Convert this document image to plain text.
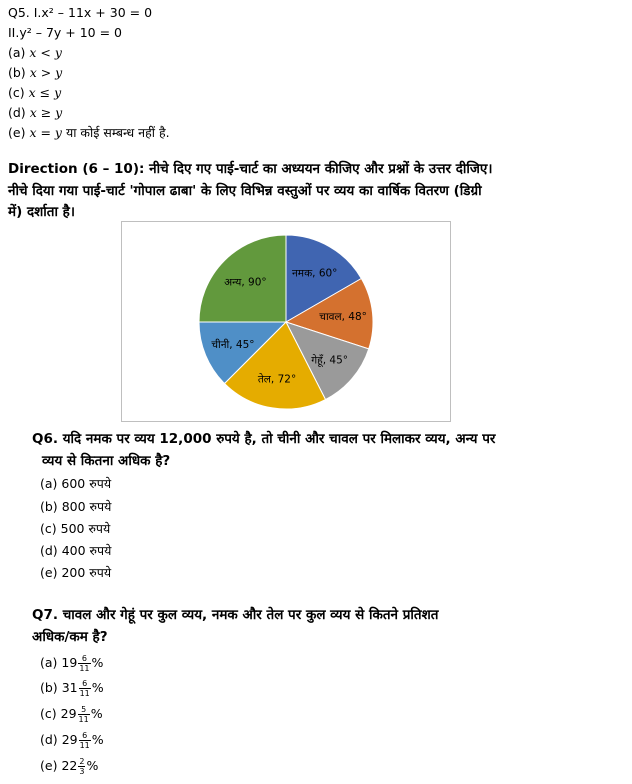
Q5. I.x² – 11x + 30 = 0
II.y² – 7y + 10 = 0
(a) x < y
(b) x > y
(c) x ≤ y
(d) x ≥ y
(e) x = y या कोई सम्बन्ध नहीं है.
Direction (6 – 10): नीचे दिए गए पाई-चार्ट का अध्ययन कीजिए और प्रश्नों के उत्तर दीजिए।
नीचे दिया गया पाई-चार्ट 'गोपाल ढाबा' के लिए विभिन्न वस्तुओं पर व्यय का वार्षिक वितरण (डिग्री
में) दर्शाता है।
नमक, 60°
चावल, 48°
गेहूँ, 45°
तेल, 72°
चीनी, 45°
अन्य, 90°
Q6. यदि नमक पर व्यय 12,000 रुपये है, तो चीनी और चावल पर मिलाकर व्यय, अन्य पर
व्यय से कितना अधिक है?
(a) 600 रुपये
(b) 800 रुपये
(c) 500 रुपये
(d) 400 रुपये
(e) 200 रुपये
Q7. चावल और गेहूं पर कुल व्यय, नमक और तेल पर कुल व्यय से कितने प्रतिशत
अधिक/कम है?
(a) $19 \frac{6}{11}$ %
(b) $31 \frac{6}{11}$ %
(c) $29 \frac{5}{11}$ %
(d) $29 \frac{6}{11}$ %
(e) $22 \frac{2}{3}$ %
